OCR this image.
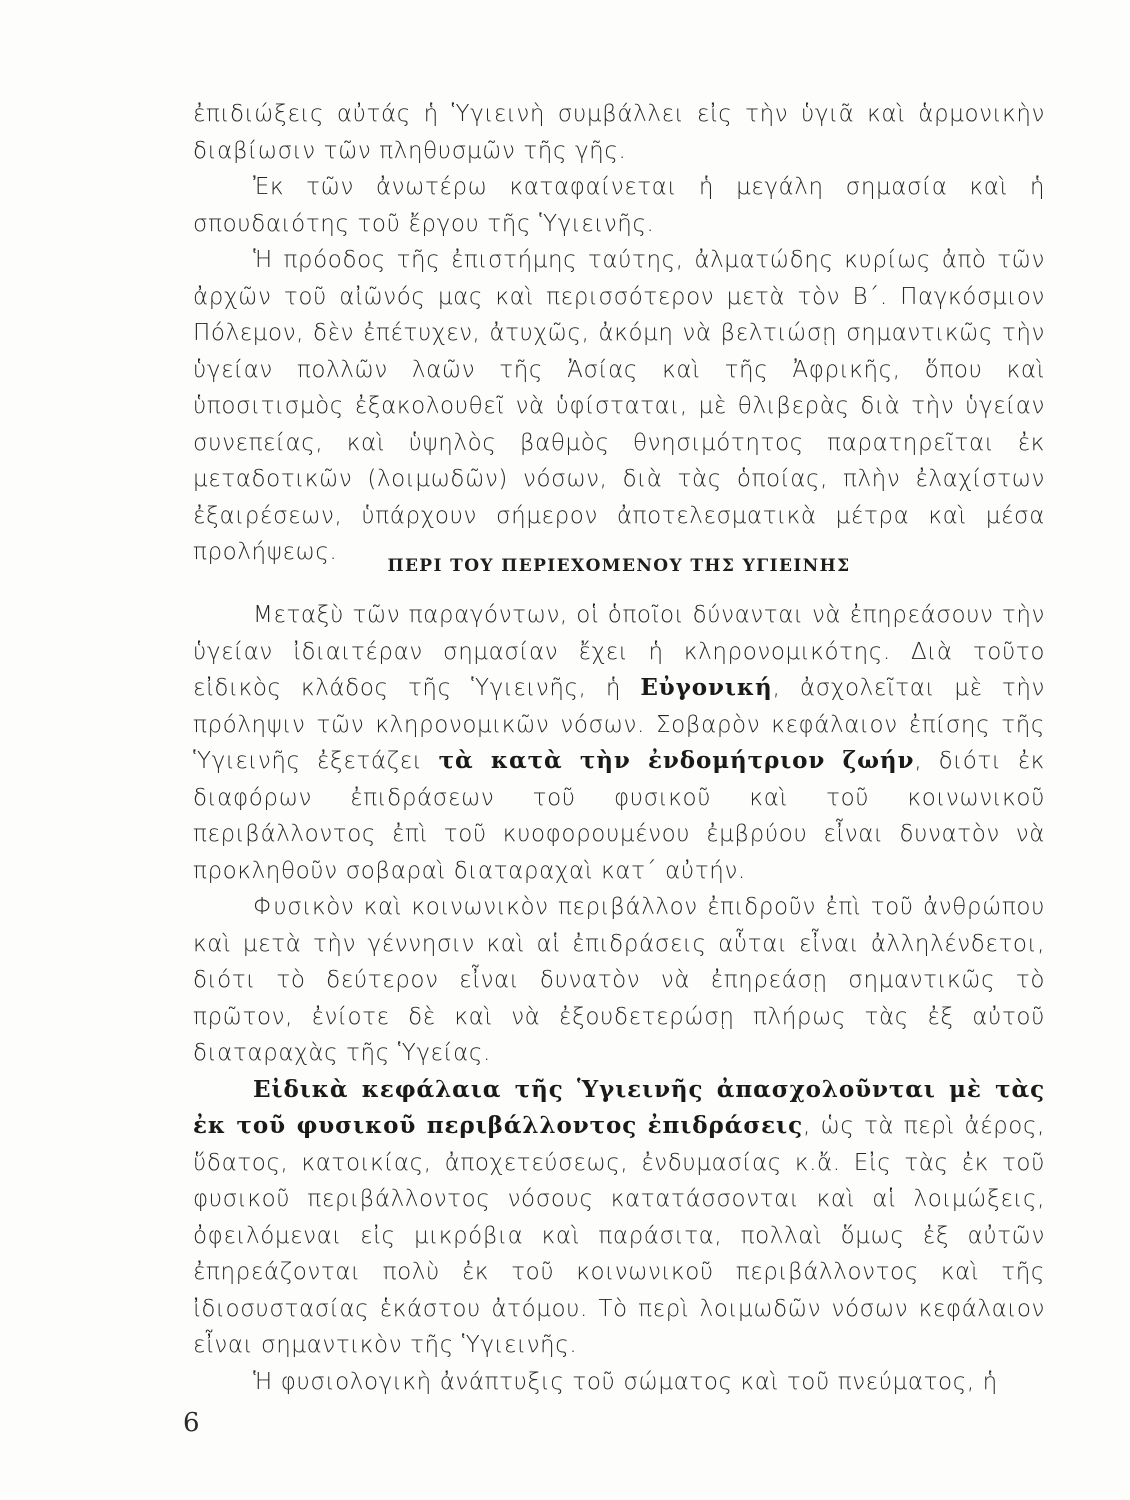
ἐπιδιώξεις αὐτάς ἡ Ὑγιεινὴ συμβάλλει εἰς τὴν ὑγιᾶ καὶ ἁρμονικὴν διαβίωσιν τῶν πληθυσμῶν τῆς γῆς.

Ἐκ τῶν ἀνωτέρω καταφαίνεται ἡ μεγάλη σημασία καὶ ἡ σπουδαιότης τοῦ ἔργου τῆς Ὑγιεινῆς.

Ἡ πρόοδος τῆς ἐπιστήμης ταύτης, ἀλματώδης κυρίως ἀπὸ τῶν ἀρχῶν τοῦ αἰῶνός μας καὶ περισσότερον μετὰ τὸν Β΄. Παγκόσμιον Πόλεμον, δὲν ἐπέτυχεν, ἀτυχῶς, ἀκόμη νὰ βελτιώσῃ σημαντικῶς τὴν ὑγείαν πολλῶν λαῶν τῆς Ἀσίας καὶ τῆς Ἀφρικῆς, ὅπου καὶ ὑποσιτισμὸς ἐξακολουθεῖ νὰ ὑφίσταται, μὲ θλιβερὰς διὰ τὴν ὑγείαν συνεπείας, καὶ ὑψηλὸς βαθμὸς θνησιμότητος παρατηρεῖται ἐκ μεταδοτικῶν (λοιμωδῶν) νόσων, διὰ τὰς ὁποίας, πλὴν ἐλαχίστων ἐξαιρέσεων, ὑπάρχουν σήμερον ἀποτελεσματικὰ μέτρα καὶ μέσα προλήψεως.

ΠΕΡΙ ΤΟΥ ΠΕΡΙΕΧΟΜΕΝΟΥ ΤΗΣ ΥΓΙΕΙΝΗΣ

Μεταξὺ τῶν παραγόντων, οἱ ὁποῖοι δύνανται νὰ ἐπηρεάσουν τὴν ὑγείαν ἰδιαιτέραν σημασίαν ἔχει ἡ κληρονομικότης. Διὰ τοῦτο εἰδικὸς κλάδος τῆς Ὑγιεινῆς, ἡ Εὐγονική, ἀσχολεῖται μὲ τὴν πρόληψιν τῶν κληρονομικῶν νόσων. Σοβαρὸν κεφάλαιον ἐπίσης τῆς Ὑγιεινῆς ἐξετάζει τὰ κατὰ τὴν ἐνδομήτριον ζωήν, διότι ἐκ διαφόρων ἐπιδράσεων τοῦ φυσικοῦ καὶ τοῦ κοινωνικοῦ περιβάλλοντος ἐπὶ τοῦ κυοφορουμένου ἐμβρύου εἶναι δυνατὸν νὰ προκληθοῦν σοβαραὶ διαταραχαὶ κατ΄ αὐτήν.

Φυσικὸν καὶ κοινωνικὸν περιβάλλον ἐπιδροῦν ἐπὶ τοῦ ἀνθρώπου καὶ μετὰ τὴν γέννησιν καὶ αἱ ἐπιδράσεις αὗται εἶναι ἀλληλένδετοι, διότι τὸ δεύτερον εἶναι δυνατὸν νὰ ἐπηρεάσῃ σημαντικῶς τὸ πρῶτον, ἐνίοτε δὲ καὶ νὰ ἐξουδετερώσῃ πλήρως τὰς ἐξ αὐτοῦ διαταραχὰς τῆς Ὑγείας.

Εἰδικὰ κεφάλαια τῆς Ὑγιεινῆς ἀπασχολοῦνται μὲ τὰς ἐκ τοῦ φυσικοῦ περιβάλλοντος ἐπιδράσεις, ὡς τὰ περὶ ἀέρος, ὕδατος, κατοικίας, ἀποχετεύσεως, ἐνδυμασίας κ.ἄ. Εἰς τὰς ἐκ τοῦ φυσικοῦ περιβάλλοντος νόσους κατατάσσονται καὶ αἱ λοιμώξεις, ὀφειλόμεναι εἰς μικρόβια καὶ παράσιτα, πολλαὶ ὅμως ἐξ αὐτῶν ἐπηρεάζονται πολὺ ἐκ τοῦ κοινωνικοῦ περιβάλλοντος καὶ τῆς ἰδιοσυστασίας ἑκάστου ἀτόμου. Τὸ περὶ λοιμωδῶν νόσων κεφάλαιον εἶναι σημαντικὸν τῆς Ὑγιεινῆς.

Ἡ φυσιολογικὴ ἀνάπτυξις τοῦ σώματος καὶ τοῦ πνεύματος, ἡ

6
